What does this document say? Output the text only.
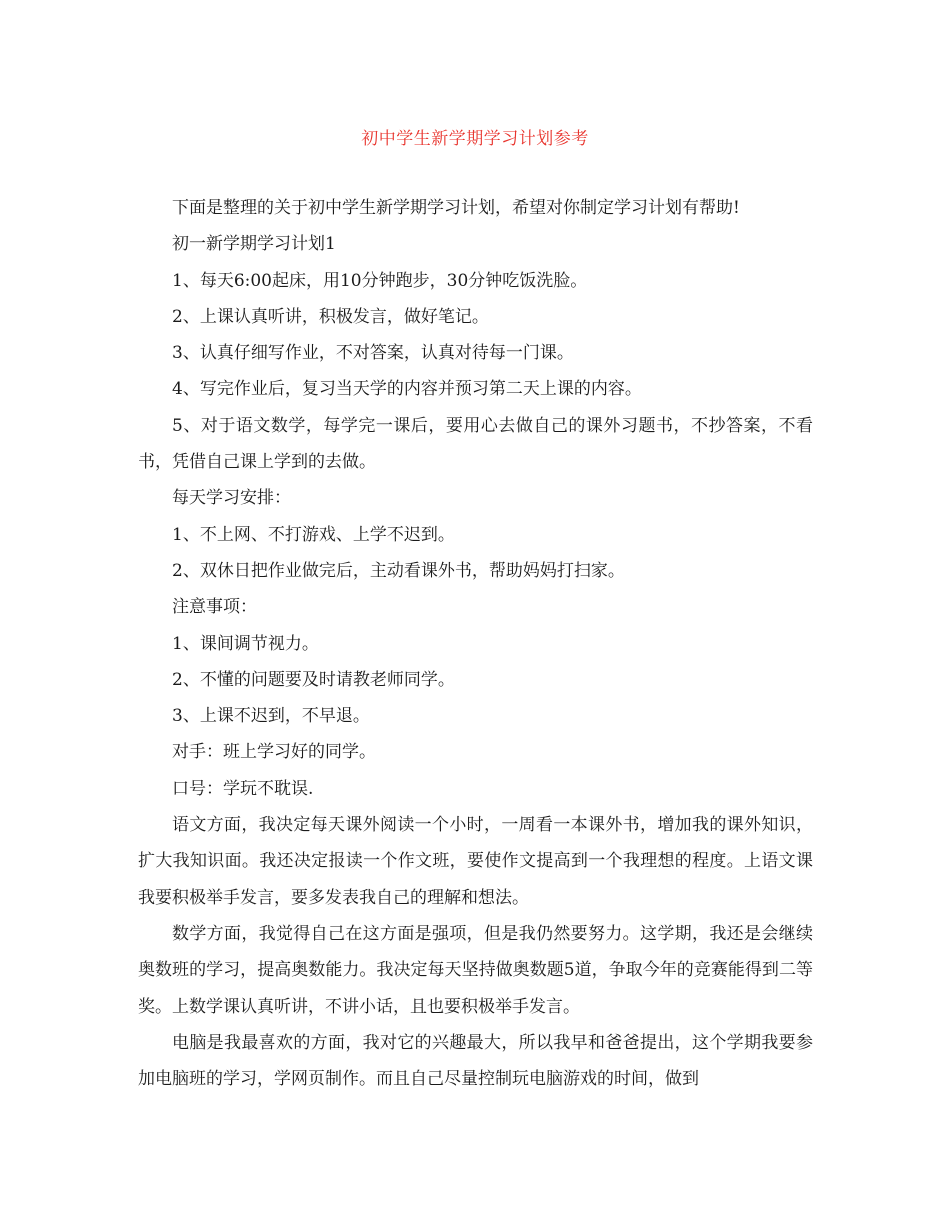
初中学生新学期学习计划参考

下面是整理的关于初中学生新学期学习计划，希望对你制定学习计划有帮助!

初一新学期学习计划1

1、每天6:00起床，用10分钟跑步，30分钟吃饭洗脸。

2、上课认真听讲，积极发言，做好笔记。

3、认真仔细写作业，不对答案，认真对待每一门课。

4、写完作业后，复习当天学的内容并预习第二天上课的内容。

5、对于语文数学，每学完一课后，要用心去做自己的课外习题书，不抄答案，不看书，凭借自己课上学到的去做。

每天学习安排：

1、不上网、不打游戏、上学不迟到。

2、双休日把作业做完后，主动看课外书，帮助妈妈打扫家。

注意事项：

1、课间调节视力。

2、不懂的问题要及时请教老师同学。

3、上课不迟到，不早退。

对手：班上学习好的同学。

口号：学玩不耽误.

语文方面，我决定每天课外阅读一个小时，一周看一本课外书，增加我的课外知识，扩大我知识面。我还决定报读一个作文班，要使作文提高到一个我理想的程度。上语文课我要积极举手发言，要多发表我自己的理解和想法。

数学方面，我觉得自己在这方面是强项，但是我仍然要努力。这学期，我还是会继续奥数班的学习，提高奥数能力。我决定每天坚持做奥数题5道，争取今年的竞赛能得到二等奖。上数学课认真听讲，不讲小话，且也要积极举手发言。

电脑是我最喜欢的方面，我对它的兴趣最大，所以我早和爸爸提出，这个学期我要参加电脑班的学习，学网页制作。而且自己尽量控制玩电脑游戏的时间，做到
